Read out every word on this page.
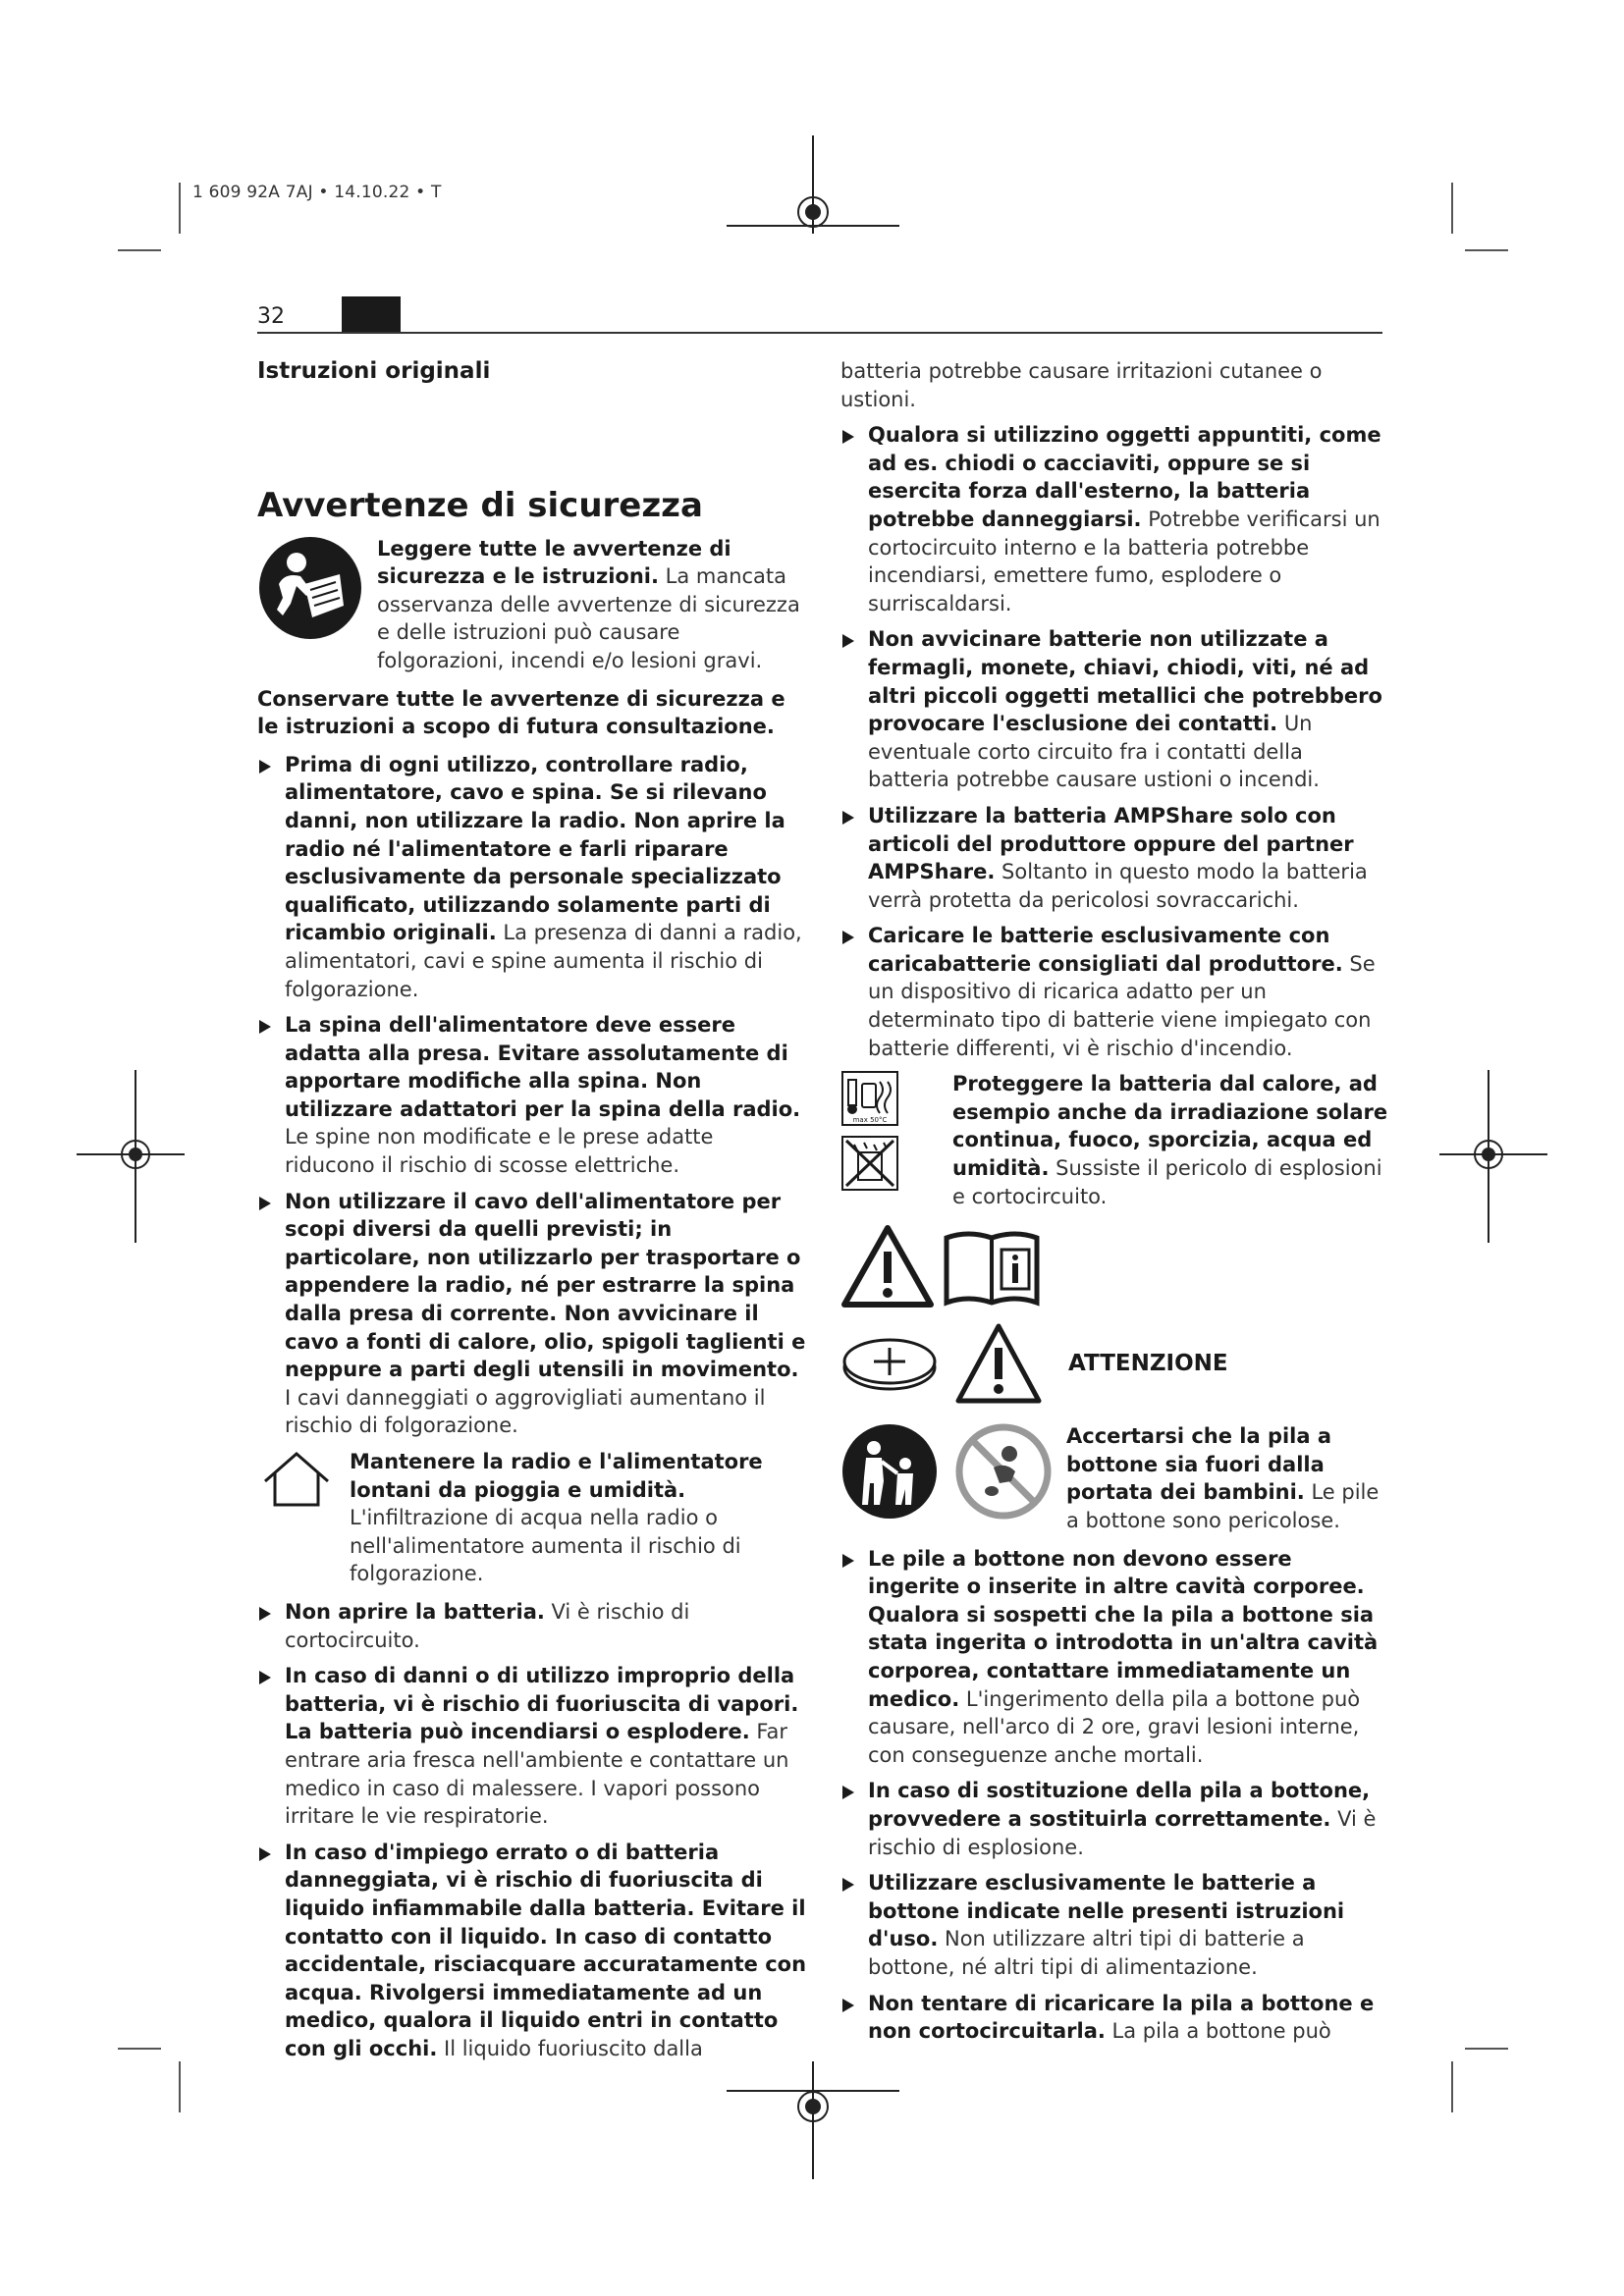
1 609 92A 7AJ • 14.10.22 • T
32
Istruzioni originali
Avvertenze di sicurezza

Leggere tutte le avvertenze di sicurezza e le istruzioni. La mancata osservanza delle avvertenze di sicurezza e delle istruzioni può causare folgorazioni, incendi e/o lesioni gravi.

Conservare tutte le avvertenze di sicurezza e le istruzioni a scopo di futura consultazione.

Prima di ogni utilizzo, controllare radio, alimentatore, cavo e spina. Se si rilevano danni, non utilizzare la radio. Non aprire la radio né l'alimentatore e farli riparare esclusivamente da personale specializzato qualificato, utilizzando solamente parti di ricambio originali. La presenza di danni a radio, alimentatori, cavi e spine aumenta il rischio di folgorazione.

La spina dell'alimentatore deve essere adatta alla presa. Evitare assolutamente di apportare modifiche alla spina. Non utilizzare adattatori per la spina della radio. Le spine non modificate e le prese adatte riducono il rischio di scosse elettriche.

Non utilizzare il cavo dell'alimentatore per scopi diversi da quelli previsti; in particolare, non utilizzarlo per trasportare o appendere la radio, né per estrarre la spina dalla presa di corrente. Non avvicinare il cavo a fonti di calore, olio, spigoli taglienti e neppure a parti degli utensili in movimento. I cavi danneggiati o aggrovigliati aumentano il rischio di folgorazione.

Mantenere la radio e l'alimentatore lontani da pioggia e umidità. L'infiltrazione di acqua nella radio o nell'alimentatore aumenta il rischio di folgorazione.

Non aprire la batteria. Vi è rischio di cortocircuito.

In caso di danni o di utilizzo improprio della batteria, vi è rischio di fuoriuscita di vapori. La batteria può incendiarsi o esplodere. Far entrare aria fresca nell'ambiente e contattare un medico in caso di malessere. I vapori possono irritare le vie respiratorie.

In caso d'impiego errato o di batteria danneggiata, vi è rischio di fuoriuscita di liquido infiammabile dalla batteria. Evitare il contatto con il liquido. In caso di contatto accidentale, risciacquare accuratamente con acqua. Rivolgersi immediatamente ad un medico, qualora il liquido entri in contatto con gli occhi. Il liquido fuoriuscito dalla

batteria potrebbe causare irritazioni cutanee o ustioni.

Qualora si utilizzino oggetti appuntiti, come ad es. chiodi o cacciaviti, oppure se si esercita forza dall'esterno, la batteria potrebbe danneggiarsi. Potrebbe verificarsi un cortocircuito interno e la batteria potrebbe incendiarsi, emettere fumo, esplodere o surriscaldarsi.

Non avvicinare batterie non utilizzate a fermagli, monete, chiavi, chiodi, viti, né ad altri piccoli oggetti metallici che potrebbero provocare l'esclusione dei contatti. Un eventuale corto circuito fra i contatti della batteria potrebbe causare ustioni o incendi.

Utilizzare la batteria AMPShare solo con articoli del produttore oppure del partner AMPShare. Soltanto in questo modo la batteria verrà protetta da pericolosi sovraccarichi.

Caricare le batterie esclusivamente con caricabatterie consigliati dal produttore. Se un dispositivo di ricarica adatto per un determinato tipo di batterie viene impiegato con batterie differenti, vi è rischio d'incendio.

max 50°C

Proteggere la batteria dal calore, ad esempio anche da irradiazione solare continua, fuoco, sporcizia, acqua ed umidità. Sussiste il pericolo di esplosioni e cortocircuito.

ATTENZIONE

Accertarsi che la pila a bottone sia fuori dalla portata dei bambini. Le pile a bottone sono pericolose.

Le pile a bottone non devono essere ingerite o inserite in altre cavità corporee. Qualora si sospetti che la pila a bottone sia stata ingerita o introdotta in un'altra cavità corporea, contattare immediatamente un medico. L'ingerimento della pila a bottone può causare, nell'arco di 2 ore, gravi lesioni interne, con conseguenze anche mortali.

In caso di sostituzione della pila a bottone, provvedere a sostituirla correttamente. Vi è rischio di esplosione.

Utilizzare esclusivamente le batterie a bottone indicate nelle presenti istruzioni d'uso. Non utilizzare altri tipi di batterie a bottone, né altri tipi di alimentazione.

Non tentare di ricaricare la pila a bottone e non cortocircuitarla. La pila a bottone può
